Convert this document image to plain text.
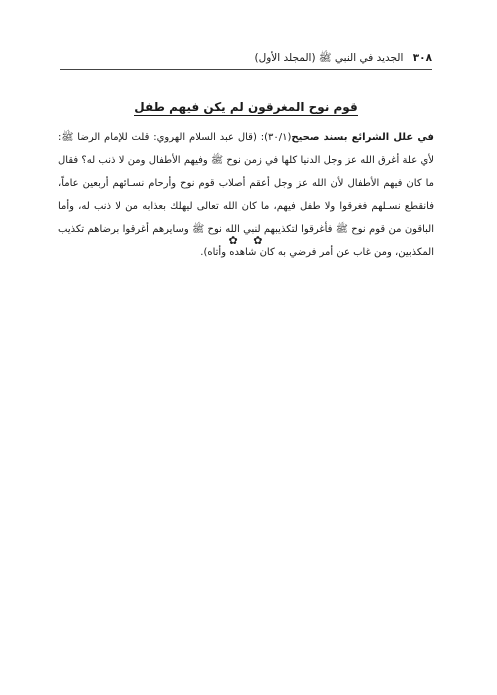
٣٠٨ الجديد في النبي ﷺ (المجلد الأول)
قوم نوح المغرقون لم يكن فيهم طفل
في علل الشرائع بسند صحيح(٣٠/١): (قال عبد السلام الهروي: قلت للإمام الرضا ﷺ: لأي علة أغرق الله عز وجل الدنيا كلها في زمن نوح ﷺ وفيهم الأطفال ومن لا ذنب له؟ فقال ما كان فيهم الأطفال لأن الله عز وجل أعقم أصلاب قوم نوح وأرحام نسـائهم أربعين عاماً، فانقطع نسـلهم فغرقوا ولا طفل فيهم، ما كان الله تعالى ليهلك بعذابه من لا ذنب له، وأما الباقون من قوم نوح ﷺ فأغرقوا لتكذيبهم لنبي الله نوح ﷺ وسايرهم أغرقوا برضاهم تكذيب المكذبين، ومن غاب عن أمر فرضي به كان شاهده وأتاه).
✿ ✿
